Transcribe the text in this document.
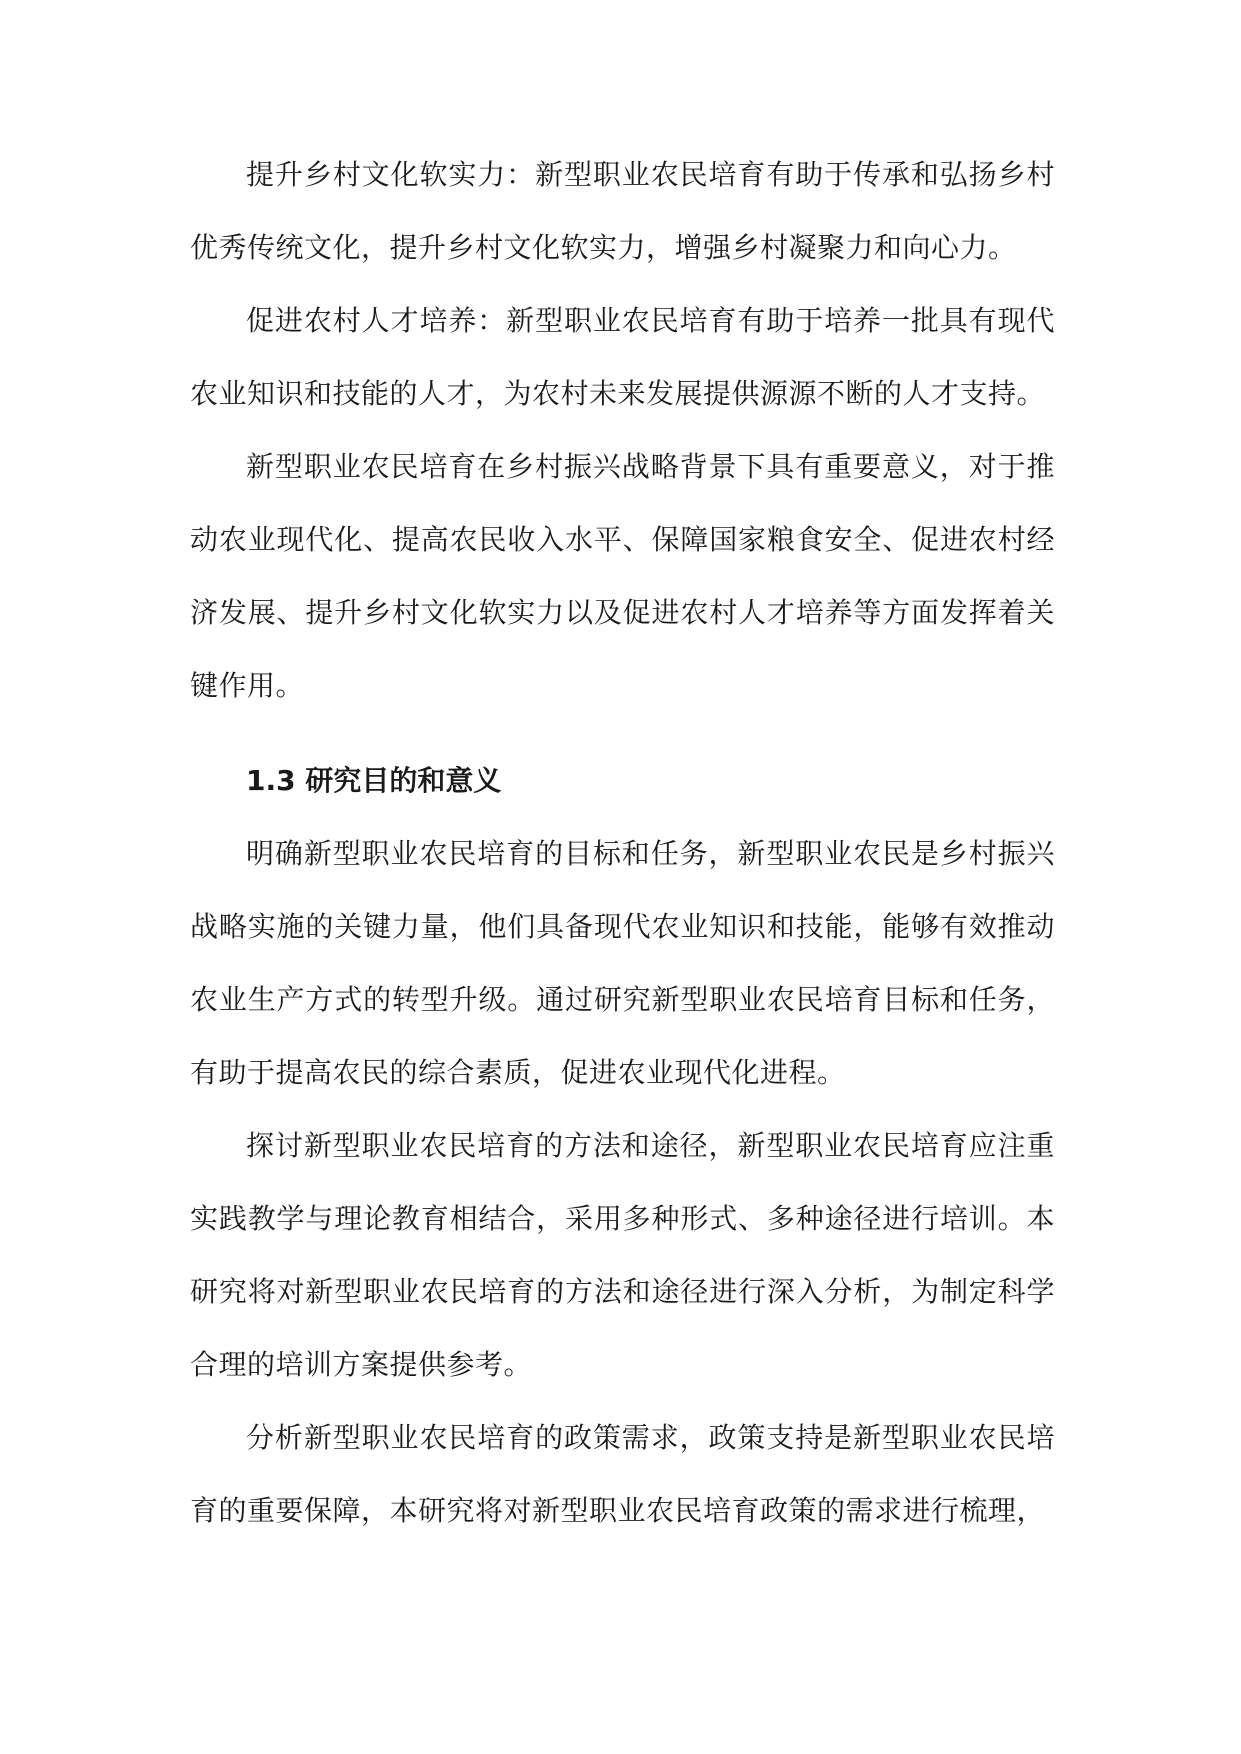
提升乡村文化软实力：新型职业农民培育有助于传承和弘扬乡村优秀传统文化，提升乡村文化软实力，增强乡村凝聚力和向心力。

促进农村人才培养：新型职业农民培育有助于培养一批具有现代农业知识和技能的人才，为农村未来发展提供源源不断的人才支持。

新型职业农民培育在乡村振兴战略背景下具有重要意义，对于推动农业现代化、提高农民收入水平、保障国家粮食安全、促进农村经济发展、提升乡村文化软实力以及促进农村人才培养等方面发挥着关键作用。

1.3 研究目的和意义

明确新型职业农民培育的目标和任务，新型职业农民是乡村振兴战略实施的关键力量，他们具备现代农业知识和技能，能够有效推动农业生产方式的转型升级。通过研究新型职业农民培育目标和任务，有助于提高农民的综合素质，促进农业现代化进程。

探讨新型职业农民培育的方法和途径，新型职业农民培育应注重实践教学与理论教育相结合，采用多种形式、多种途径进行培训。本研究将对新型职业农民培育的方法和途径进行深入分析，为制定科学合理的培训方案提供参考。

分析新型职业农民培育的政策需求，政策支持是新型职业农民培育的重要保障，本研究将对新型职业农民培育政策的需求进行梳理，
